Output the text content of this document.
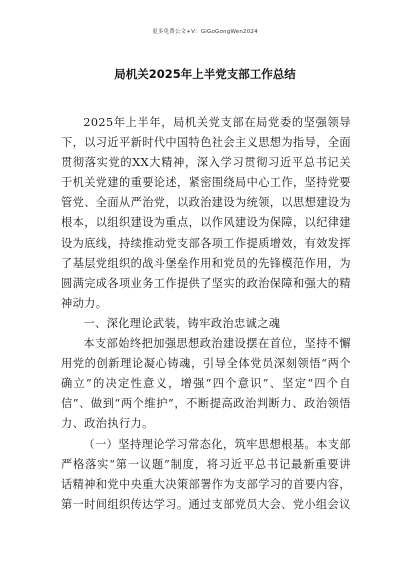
更多免费公文+V：GiGoGongWen2024
局机关2025年上半党支部工作总结

2025年上半年，局机关党支部在局党委的坚强领导下，以习近平新时代中国特色社会主义思想为指导，全面贯彻落实党的XX大精神，深入学习贯彻习近平总书记关于机关党建的重要论述，紧密围绕局中心工作，坚持党要管党、全面从严治党，以政治建设为统领，以思想建设为根本，以组织建设为重点，以作风建设为保障，以纪律建设为底线，持续推动党支部各项工作提质增效，有效发挥了基层党组织的战斗堡垒作用和党员的先锋模范作用，为圆满完成各项业务工作提供了坚实的政治保障和强大的精神动力。

一、深化理论武装，铸牢政治忠诚之魂

本支部始终把加强思想政治建设摆在首位，坚持不懈用党的创新理论凝心铸魂，引导全体党员深刻领悟“两个确立”的决定性意义，增强“四个意识”、坚定“四个自信”、做到“两个维护”，不断提高政治判断力、政治领悟力、政治执行力。

（一）坚持理论学习常态化，筑牢思想根基。本支部严格落实“第一议题”制度，将习近平总书记最新重要讲话精神和党中央重大决策部署作为支部学习的首要内容，第一时间组织传达学习。通过支部党员大会、党小组会议
